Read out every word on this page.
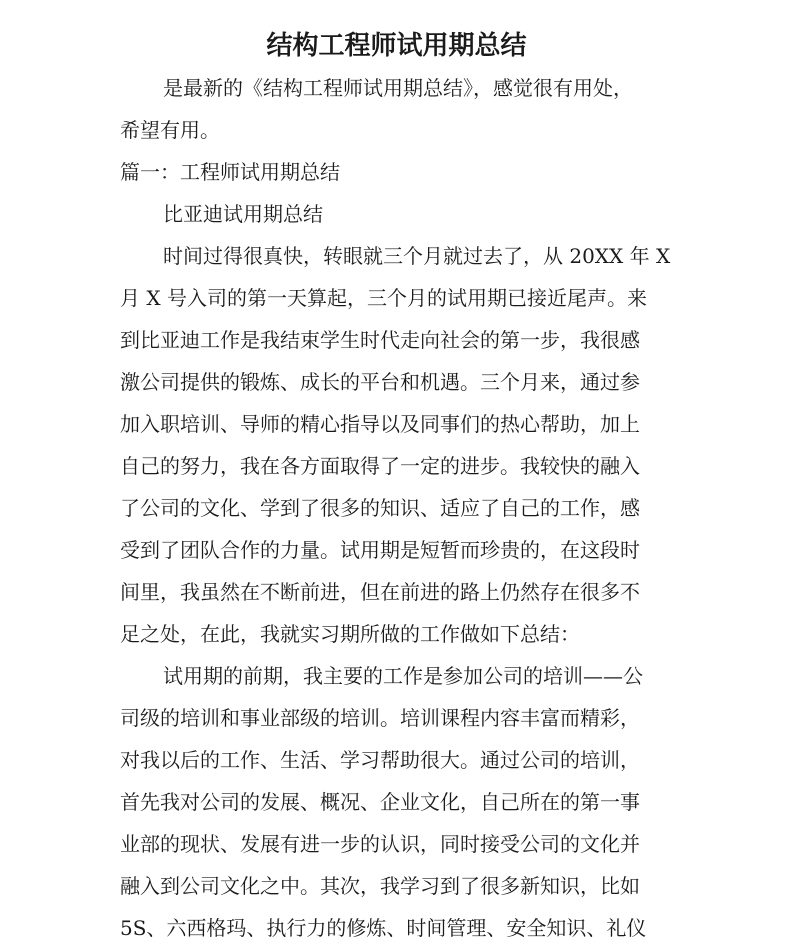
结构工程师试用期总结

是最新的《结构工程师试用期总结》，感觉很有用处，
希望有用。

篇一：工程师试用期总结

比亚迪试用期总结

时间过得很真快，转眼就三个月就过去了，从 20XX 年 X
月 X 号入司的第一天算起，三个月的试用期已接近尾声。来
到比亚迪工作是我结束学生时代走向社会的第一步，我很感
激公司提供的锻炼、成长的平台和机遇。三个月来，通过参
加入职培训、导师的精心指导以及同事们的热心帮助，加上
自己的努力，我在各方面取得了一定的进步。我较快的融入
了公司的文化、学到了很多的知识、适应了自己的工作，感
受到了团队合作的力量。试用期是短暂而珍贵的，在这段时
间里，我虽然在不断前进，但在前进的路上仍然存在很多不
足之处，在此，我就实习期所做的工作做如下总结：

试用期的前期，我主要的工作是参加公司的培训——公
司级的培训和事业部级的培训。培训课程内容丰富而精彩，
对我以后的工作、生活、学习帮助很大。通过公司的培训，
首先我对公司的发展、概况、企业文化，自己所在的第一事
业部的现状、发展有进一步的认识，同时接受公司的文化并
融入到公司文化之中。其次，我学习到了很多新知识，比如
5S、六西格玛、执行力的修炼、时间管理、安全知识、礼仪
